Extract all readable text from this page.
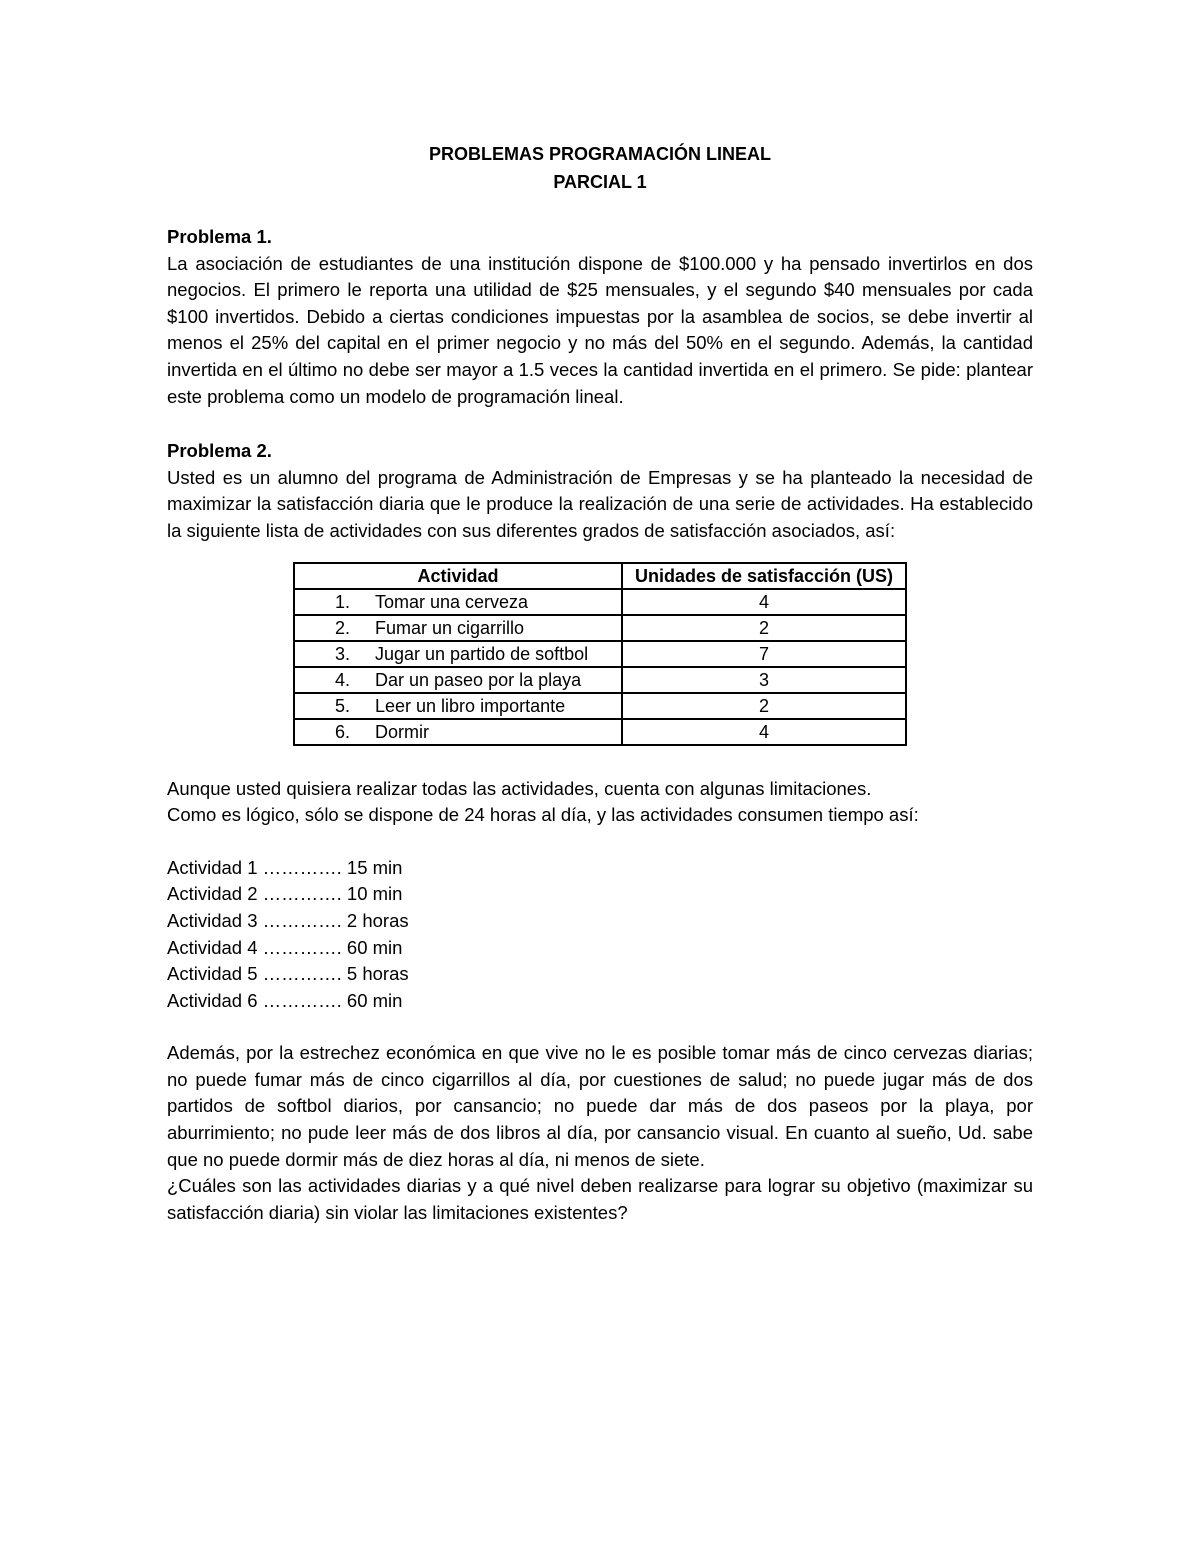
PROBLEMAS PROGRAMACIÓN LINEAL
PARCIAL 1
Problema 1.

La asociación de estudiantes de una institución dispone de $100.000 y ha pensado invertirlos en dos negocios. El primero le reporta una utilidad de $25 mensuales, y el segundo $40 mensuales por cada $100 invertidos. Debido a ciertas condiciones impuestas por la asamblea de socios, se debe invertir al menos el 25% del capital en el primer negocio y no más del 50% en el segundo. Además, la cantidad invertida en el último no debe ser mayor a 1.5 veces la cantidad invertida en el primero. Se pide: plantear este problema como un modelo de programación lineal.

Problema 2.

Usted es un alumno del programa de Administración de Empresas y se ha planteado la necesidad de maximizar la satisfacción diaria que le produce la realización de una serie de actividades. Ha establecido la siguiente lista de actividades con sus diferentes grados de satisfacción asociados, así:

Actividad	Unidades de satisfacción (US)
1. Tomar una cerveza	4
2. Fumar un cigarrillo	2
3. Jugar un partido de softbol	7
4. Dar un paseo por la playa	3
5. Leer un libro importante	2
6. Dormir	4

Aunque usted quisiera realizar todas las actividades, cuenta con algunas limitaciones.

Como es lógico, sólo se dispone de 24 horas al día, y las actividades consumen tiempo así:

Actividad 1 …………. 15 min

Actividad 2 …………. 10 min

Actividad 3 …………. 2 horas

Actividad 4 …………. 60 min

Actividad 5 …………. 5 horas

Actividad 6 …………. 60 min

Además, por la estrechez económica en que vive no le es posible tomar más de cinco cervezas diarias; no puede fumar más de cinco cigarrillos al día, por cuestiones de salud; no puede jugar más de dos partidos de softbol diarios, por cansancio; no puede dar más de dos paseos por la playa, por aburrimiento; no pude leer más de dos libros al día, por cansancio visual. En cuanto al sueño, Ud. sabe que no puede dormir más de diez horas al día, ni menos de siete.

¿Cuáles son las actividades diarias y a qué nivel deben realizarse para lograr su objetivo (maximizar su satisfacción diaria) sin violar las limitaciones existentes?
